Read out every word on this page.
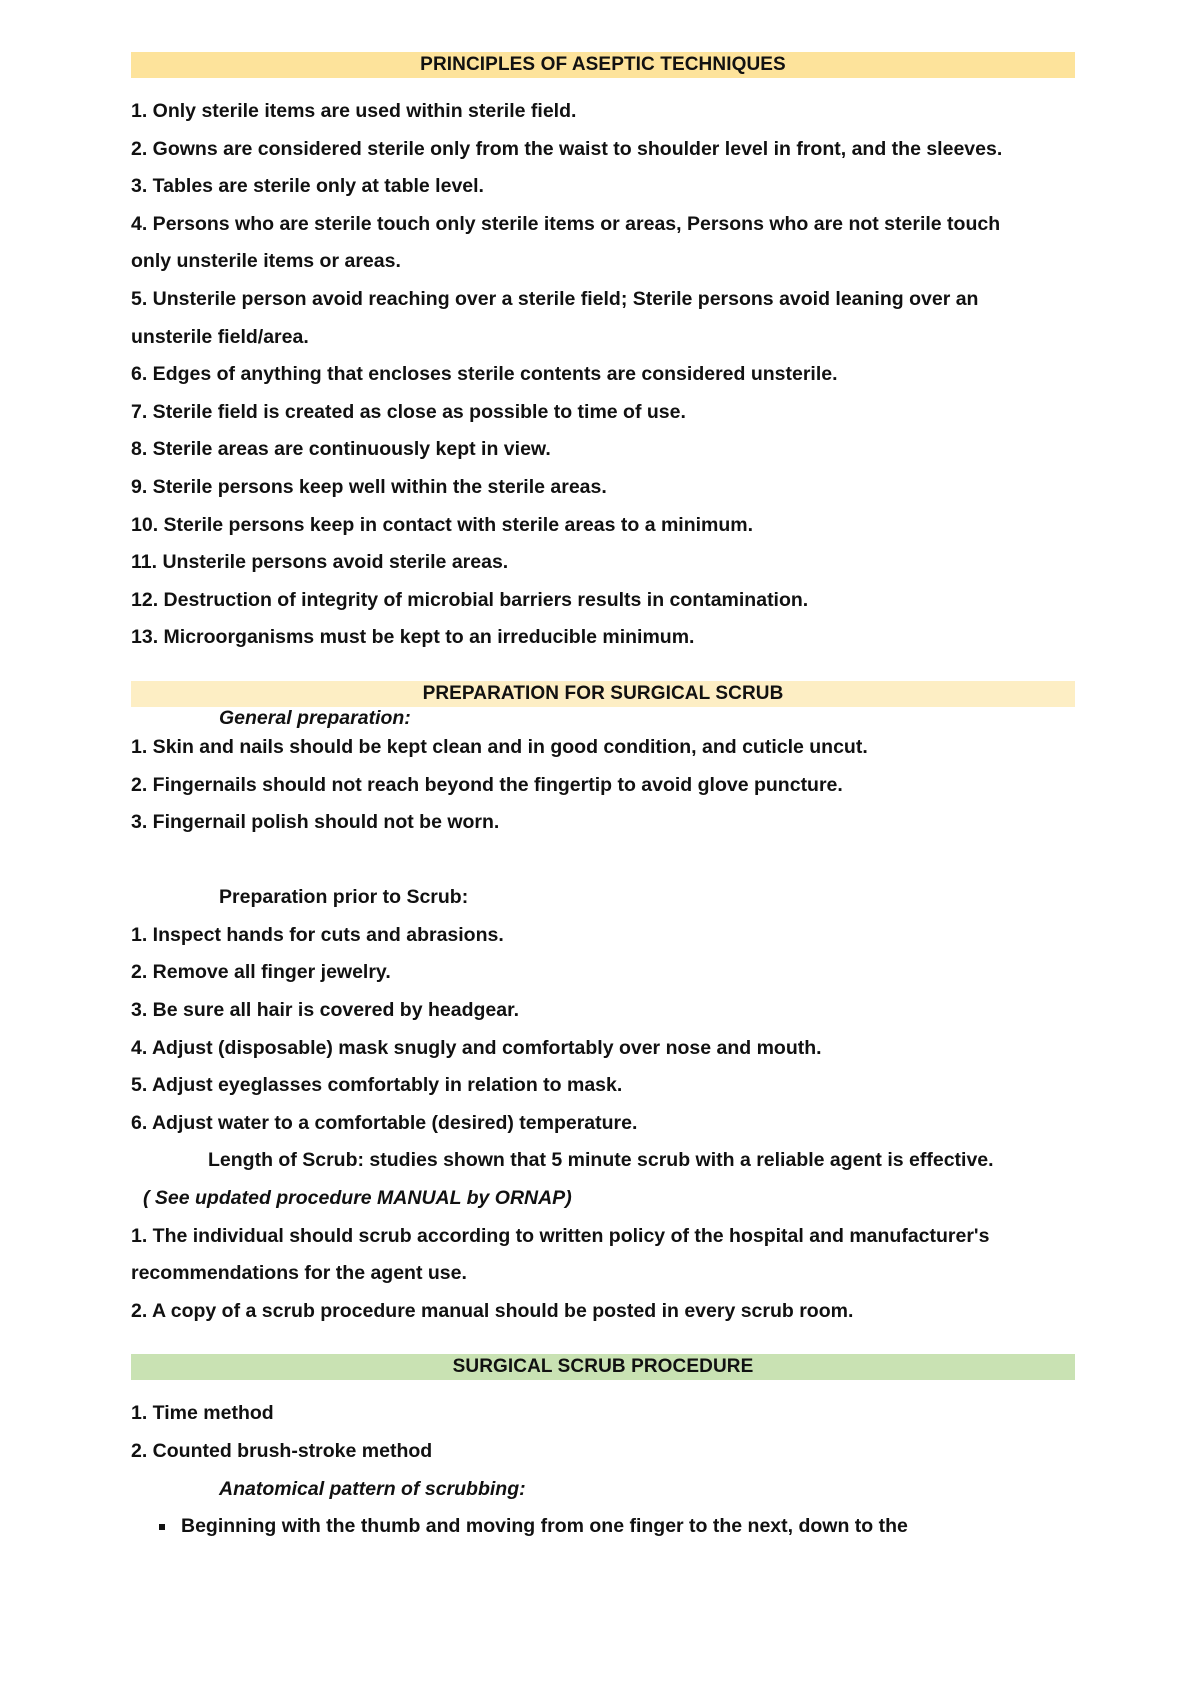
PRINCIPLES OF ASEPTIC TECHNIQUES
1. Only sterile items are used within sterile field.
2. Gowns are considered sterile only from the waist to shoulder level in front, and the sleeves.
3. Tables are sterile only at table level.
4. Persons who are sterile touch only sterile items or areas, Persons who are not sterile touch
only unsterile items or areas.
5. Unsterile person avoid reaching over a sterile field; Sterile persons avoid leaning over an
unsterile field/area.
6. Edges of anything that encloses sterile contents are considered unsterile.
7. Sterile field is created as close as possible to time of use.
8. Sterile areas are continuously kept in view.
9. Sterile persons keep well within the sterile areas.
10. Sterile persons keep in contact with sterile areas to a minimum.
11. Unsterile persons avoid sterile areas.
12. Destruction of integrity of microbial barriers results in contamination.
13. Microorganisms must be kept to an irreducible minimum.
PREPARATION FOR SURGICAL SCRUB
General preparation:
1. Skin and nails should be kept clean and in good condition, and cuticle uncut.
2. Fingernails should not reach beyond the fingertip to avoid glove puncture.
3. Fingernail polish should not be worn.
Preparation prior to Scrub:
1. Inspect hands for cuts and abrasions.
2. Remove all finger jewelry.
3. Be sure all hair is covered by headgear.
4. Adjust (disposable) mask snugly and comfortably over nose and mouth.
5. Adjust eyeglasses comfortably in relation to mask.
6. Adjust water to a comfortable (desired) temperature.
Length of Scrub: studies shown that 5 minute scrub with a reliable agent is effective.
( See updated procedure MANUAL by ORNAP)
1. The individual should scrub according to written policy of the hospital and manufacturer's
recommendations for the agent use.
2. A copy of a scrub procedure manual should be posted in every scrub room.
SURGICAL SCRUB PROCEDURE
1. Time method
2. Counted brush-stroke method
Anatomical pattern of scrubbing:
Beginning with the thumb and moving from one finger to the next, down to the
